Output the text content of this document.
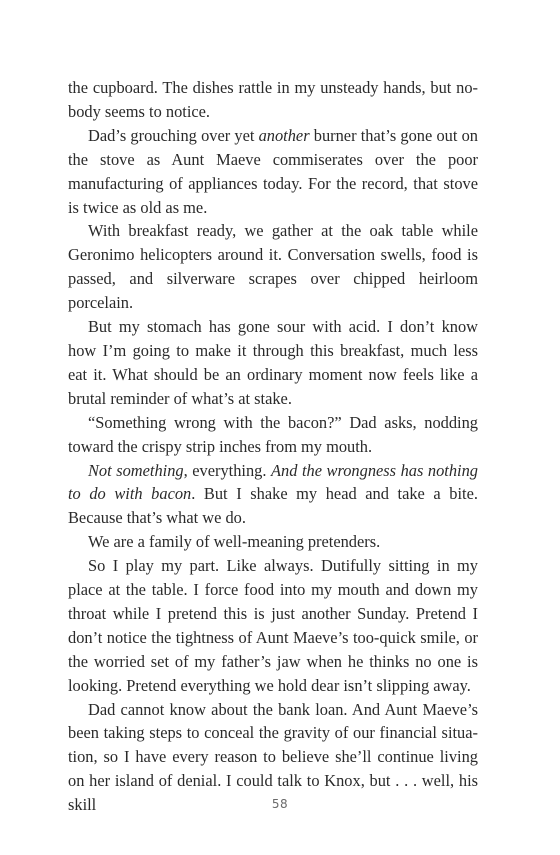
the cupboard. The dishes rattle in my unsteady hands, but nobody seems to notice.

Dad’s grouching over yet another burner that’s gone out on the stove as Aunt Maeve commiserates over the poor manufacturing of appliances today. For the record, that stove is twice as old as me.

With breakfast ready, we gather at the oak table while Geronimo helicopters around it. Conversation swells, food is passed, and silverware scrapes over chipped heirloom porcelain.

But my stomach has gone sour with acid. I don’t know how I’m going to make it through this breakfast, much less eat it. What should be an ordinary moment now feels like a brutal reminder of what’s at stake.

“Something wrong with the bacon?” Dad asks, nodding toward the crispy strip inches from my mouth.

Not something, everything. And the wrongness has nothing to do with bacon. But I shake my head and take a bite. Because that’s what we do.

We are a family of well-meaning pretenders.

So I play my part. Like always. Dutifully sitting in my place at the table. I force food into my mouth and down my throat while I pretend this is just another Sunday. Pretend I don’t notice the tightness of Aunt Maeve’s too-quick smile, or the worried set of my father’s jaw when he thinks no one is looking. Pretend everything we hold dear isn’t slipping away.

Dad cannot know about the bank loan. And Aunt Maeve’s been taking steps to conceal the gravity of our financial situation, so I have every reason to believe she’ll continue living on her island of denial. I could talk to Knox, but . . . well, his skill	58
